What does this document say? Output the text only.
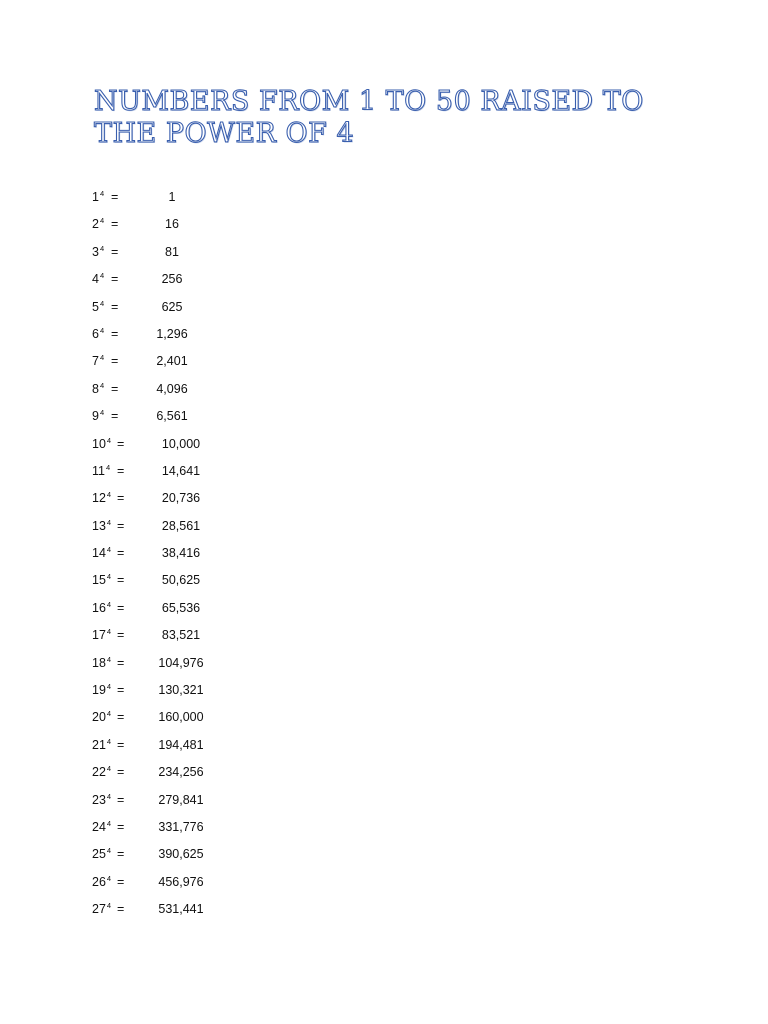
NUMBERS FROM 1 TO 50 RAISED TO THE POWER OF 4
$1^4$ =	1
$2^4$ =	16
$3^4$ =	81
$4^4$ =	256
$5^4$ =	625
$6^4$ =	1,296
$7^4$ =	2,401
$8^4$ =	4,096
$9^4$ =	6,561
$10^4$ =	10,000
$11^4$ =	14,641
$12^4$ =	20,736
$13^4$ =	28,561
$14^4$ =	38,416
$15^4$ =	50,625
$16^4$ =	65,536
$17^4$ =	83,521
$18^4$ =	104,976
$19^4$ =	130,321
$20^4$ =	160,000
$21^4$ =	194,481
$22^4$ =	234,256
$23^4$ =	279,841
$24^4$ =	331,776
$25^4$ =	390,625
$26^4$ =	456,976
$27^4$ =	531,441
